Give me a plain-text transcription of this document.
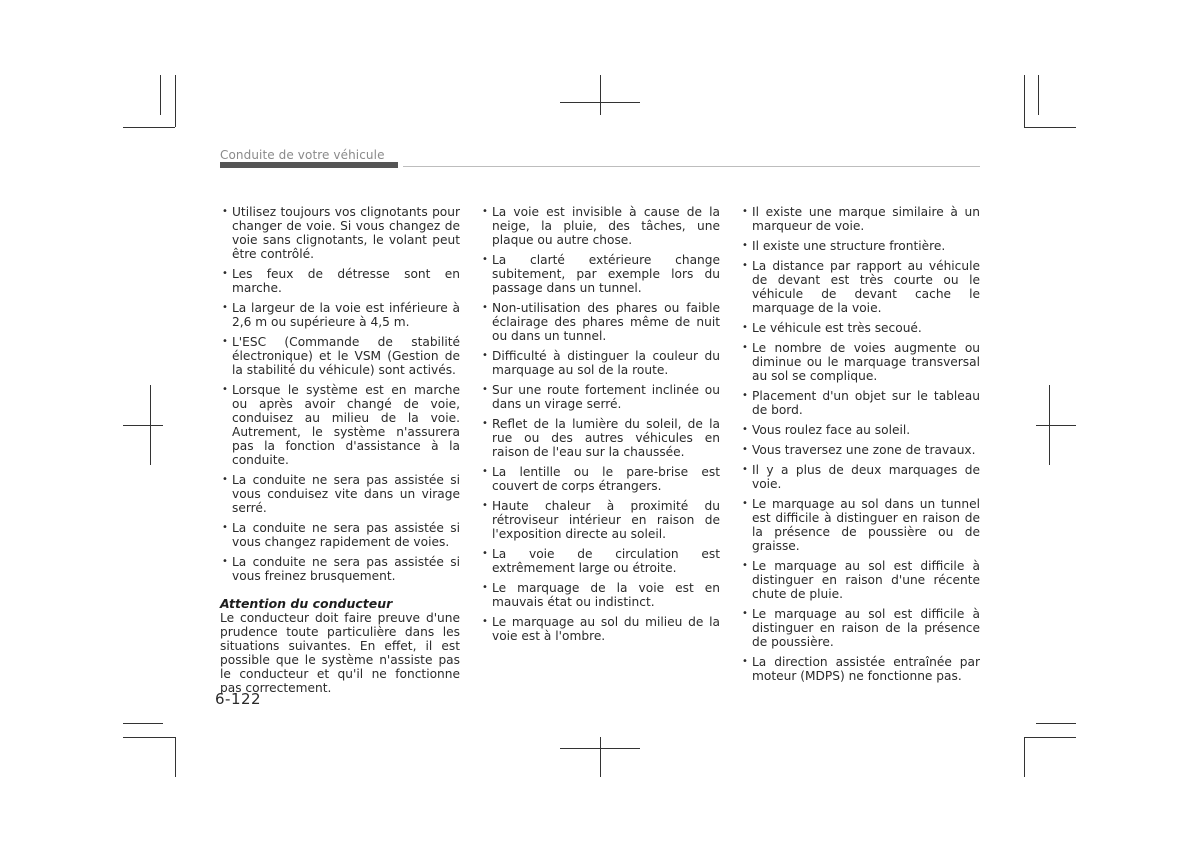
Conduite de votre véhicule
• Utilisez toujours vos clignotants pour changer de voie. Si vous changez de voie sans clignotants, le volant peut être contrôlé.
• Les feux de détresse sont en marche.
• La largeur de la voie est inférieure à 2,6 m ou supérieure à 4,5 m.
• L'ESC (Commande de stabilité électronique) et le VSM (Gestion de la stabilité du véhicule) sont activés.
• Lorsque le système est en marche ou après avoir changé de voie, conduisez au milieu de la voie. Autrement, le système n'assurera pas la fonction d'assistance à la conduite.
• La conduite ne sera pas assistée si vous conduisez vite dans un virage serré.
• La conduite ne sera pas assistée si vous changez rapidement de voies.
• La conduite ne sera pas assistée si vous freinez brusquement.
Attention du conducteur

Le conducteur doit faire preuve d'une prudence toute particulière dans les situations suivantes. En effet, il est possible que le système n'assiste pas le conducteur et qu'il ne fonctionne pas correctement.

• La voie est invisible à cause de la neige, la pluie, des tâches, une plaque ou autre chose.
• La clarté extérieure change subitement, par exemple lors du passage dans un tunnel.
• Non-utilisation des phares ou faible éclairage des phares même de nuit ou dans un tunnel.
• Difficulté à distinguer la couleur du marquage au sol de la route.
• Sur une route fortement inclinée ou dans un virage serré.
• Reflet de la lumière du soleil, de la rue ou des autres véhicules en raison de l'eau sur la chaussée.
• La lentille ou le pare-brise est couvert de corps étrangers.
• Haute chaleur à proximité du rétroviseur intérieur en raison de l'exposition directe au soleil.
• La voie de circulation est extrêmement large ou étroite.
• Le marquage de la voie est en mauvais état ou indistinct.
• Le marquage au sol du milieu de la voie est à l'ombre.
• Il existe une marque similaire à un marqueur de voie.
• Il existe une structure frontière.
• La distance par rapport au véhicule de devant est très courte ou le véhicule de devant cache le marquage de la voie.
• Le véhicule est très secoué.
• Le nombre de voies augmente ou diminue ou le marquage transversal au sol se complique.
• Placement d'un objet sur le tableau de bord.
• Vous roulez face au soleil.
• Vous traversez une zone de travaux.
• Il y a plus de deux marquages de voie.
• Le marquage au sol dans un tunnel est difficile à distinguer en raison de la présence de poussière ou de graisse.
• Le marquage au sol est difficile à distinguer en raison d'une récente chute de pluie.
• Le marquage au sol est difficile à distinguer en raison de la présence de poussière.
• La direction assistée entraînée par moteur (MDPS) ne fonctionne pas.
6-122
